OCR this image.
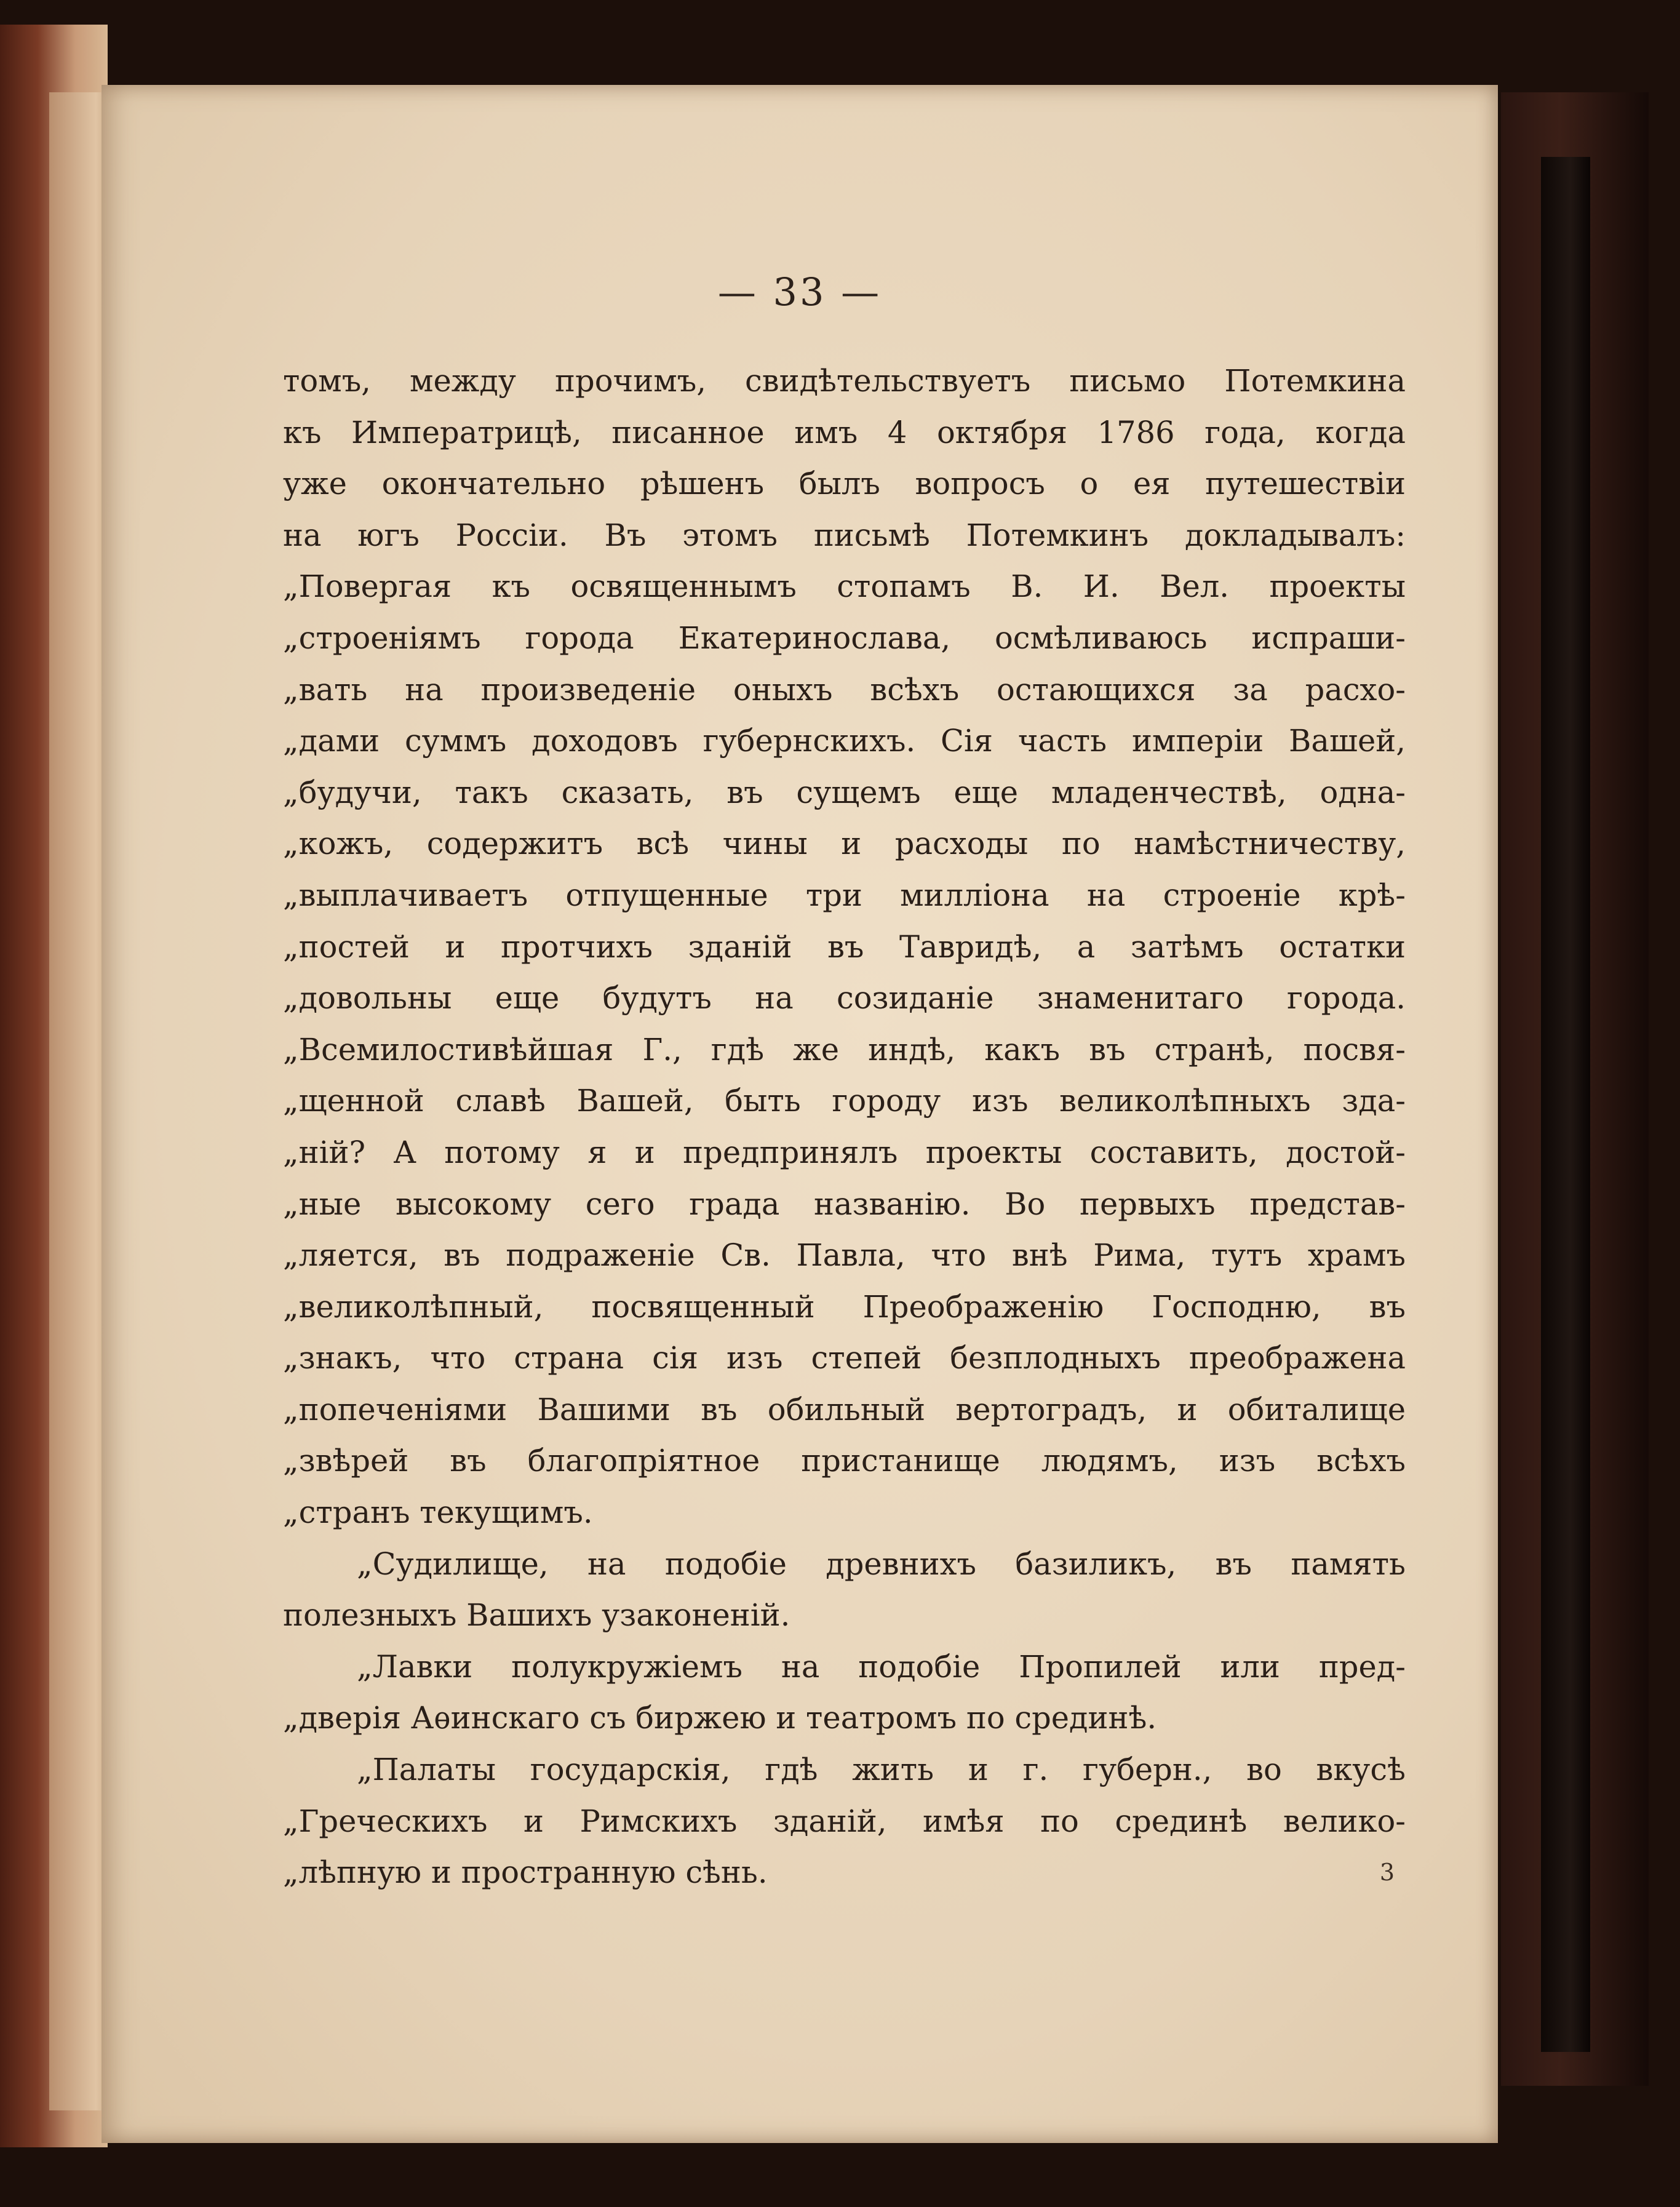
— 33 —
томъ, между прочимъ, свидѣтельствуетъ письмо Потемкина
къ Императрицѣ, писанное имъ 4 октября 1786 года, когда
уже окончательно рѣшенъ былъ вопросъ о ея путешествіи
на югъ Россіи. Въ этомъ письмѣ Потемкинъ докладывалъ:
„Повергая къ освященнымъ стопамъ В. И. Вел. проекты
„строеніямъ города Екатеринослава, осмѣливаюсь испраши-
„вать на произведеніе оныхъ всѣхъ остающихся за расхо-
„дами суммъ доходовъ губернскихъ. Сія часть имперіи Вашей,
„будучи, такъ сказать, въ сущемъ еще младенчествѣ, одна-
„кожъ, содержитъ всѣ чины и расходы по намѣстничеству,
„выплачиваетъ отпущенные три милліона на строеніе крѣ-
„постей и протчихъ зданій въ Тавридѣ, а затѣмъ остатки
„довольны еще будутъ на созиданіе знаменитаго города.
„Всемилостивѣйшая Г., гдѣ же индѣ, какъ въ странѣ, посвя-
„щенной славѣ Вашей, быть городу изъ великолѣпныхъ зда-
„ній? А потому я и предпринялъ проекты составить, достой-
„ные высокому сего града названію. Во первыхъ представ-
„ляется, въ подраженіе Св. Павла, что внѣ Рима, тутъ храмъ
„великолѣпный, посвященный Преображенію Господню, въ
„знакъ, что страна сія изъ степей безплодныхъ преображена
„попеченіями Вашими въ обильный вертоградъ, и обиталище
„звѣрей въ благопріятное пристанище людямъ, изъ всѣхъ
„странъ текущимъ.
„Судилище, на подобіе древнихъ базиликъ, въ память
полезныхъ Вашихъ узаконеній.
„Лавки полукружіемъ на подобіе Пропилей или пред-
„дверія Аѳинскаго съ биржею и театромъ по срединѣ.
„Палаты государскія, гдѣ жить и г. губерн., во вкусѣ
„Греческихъ и Римскихъ зданій, имѣя по срединѣ велико-
„лѣпную и пространную сѣнь.	3
